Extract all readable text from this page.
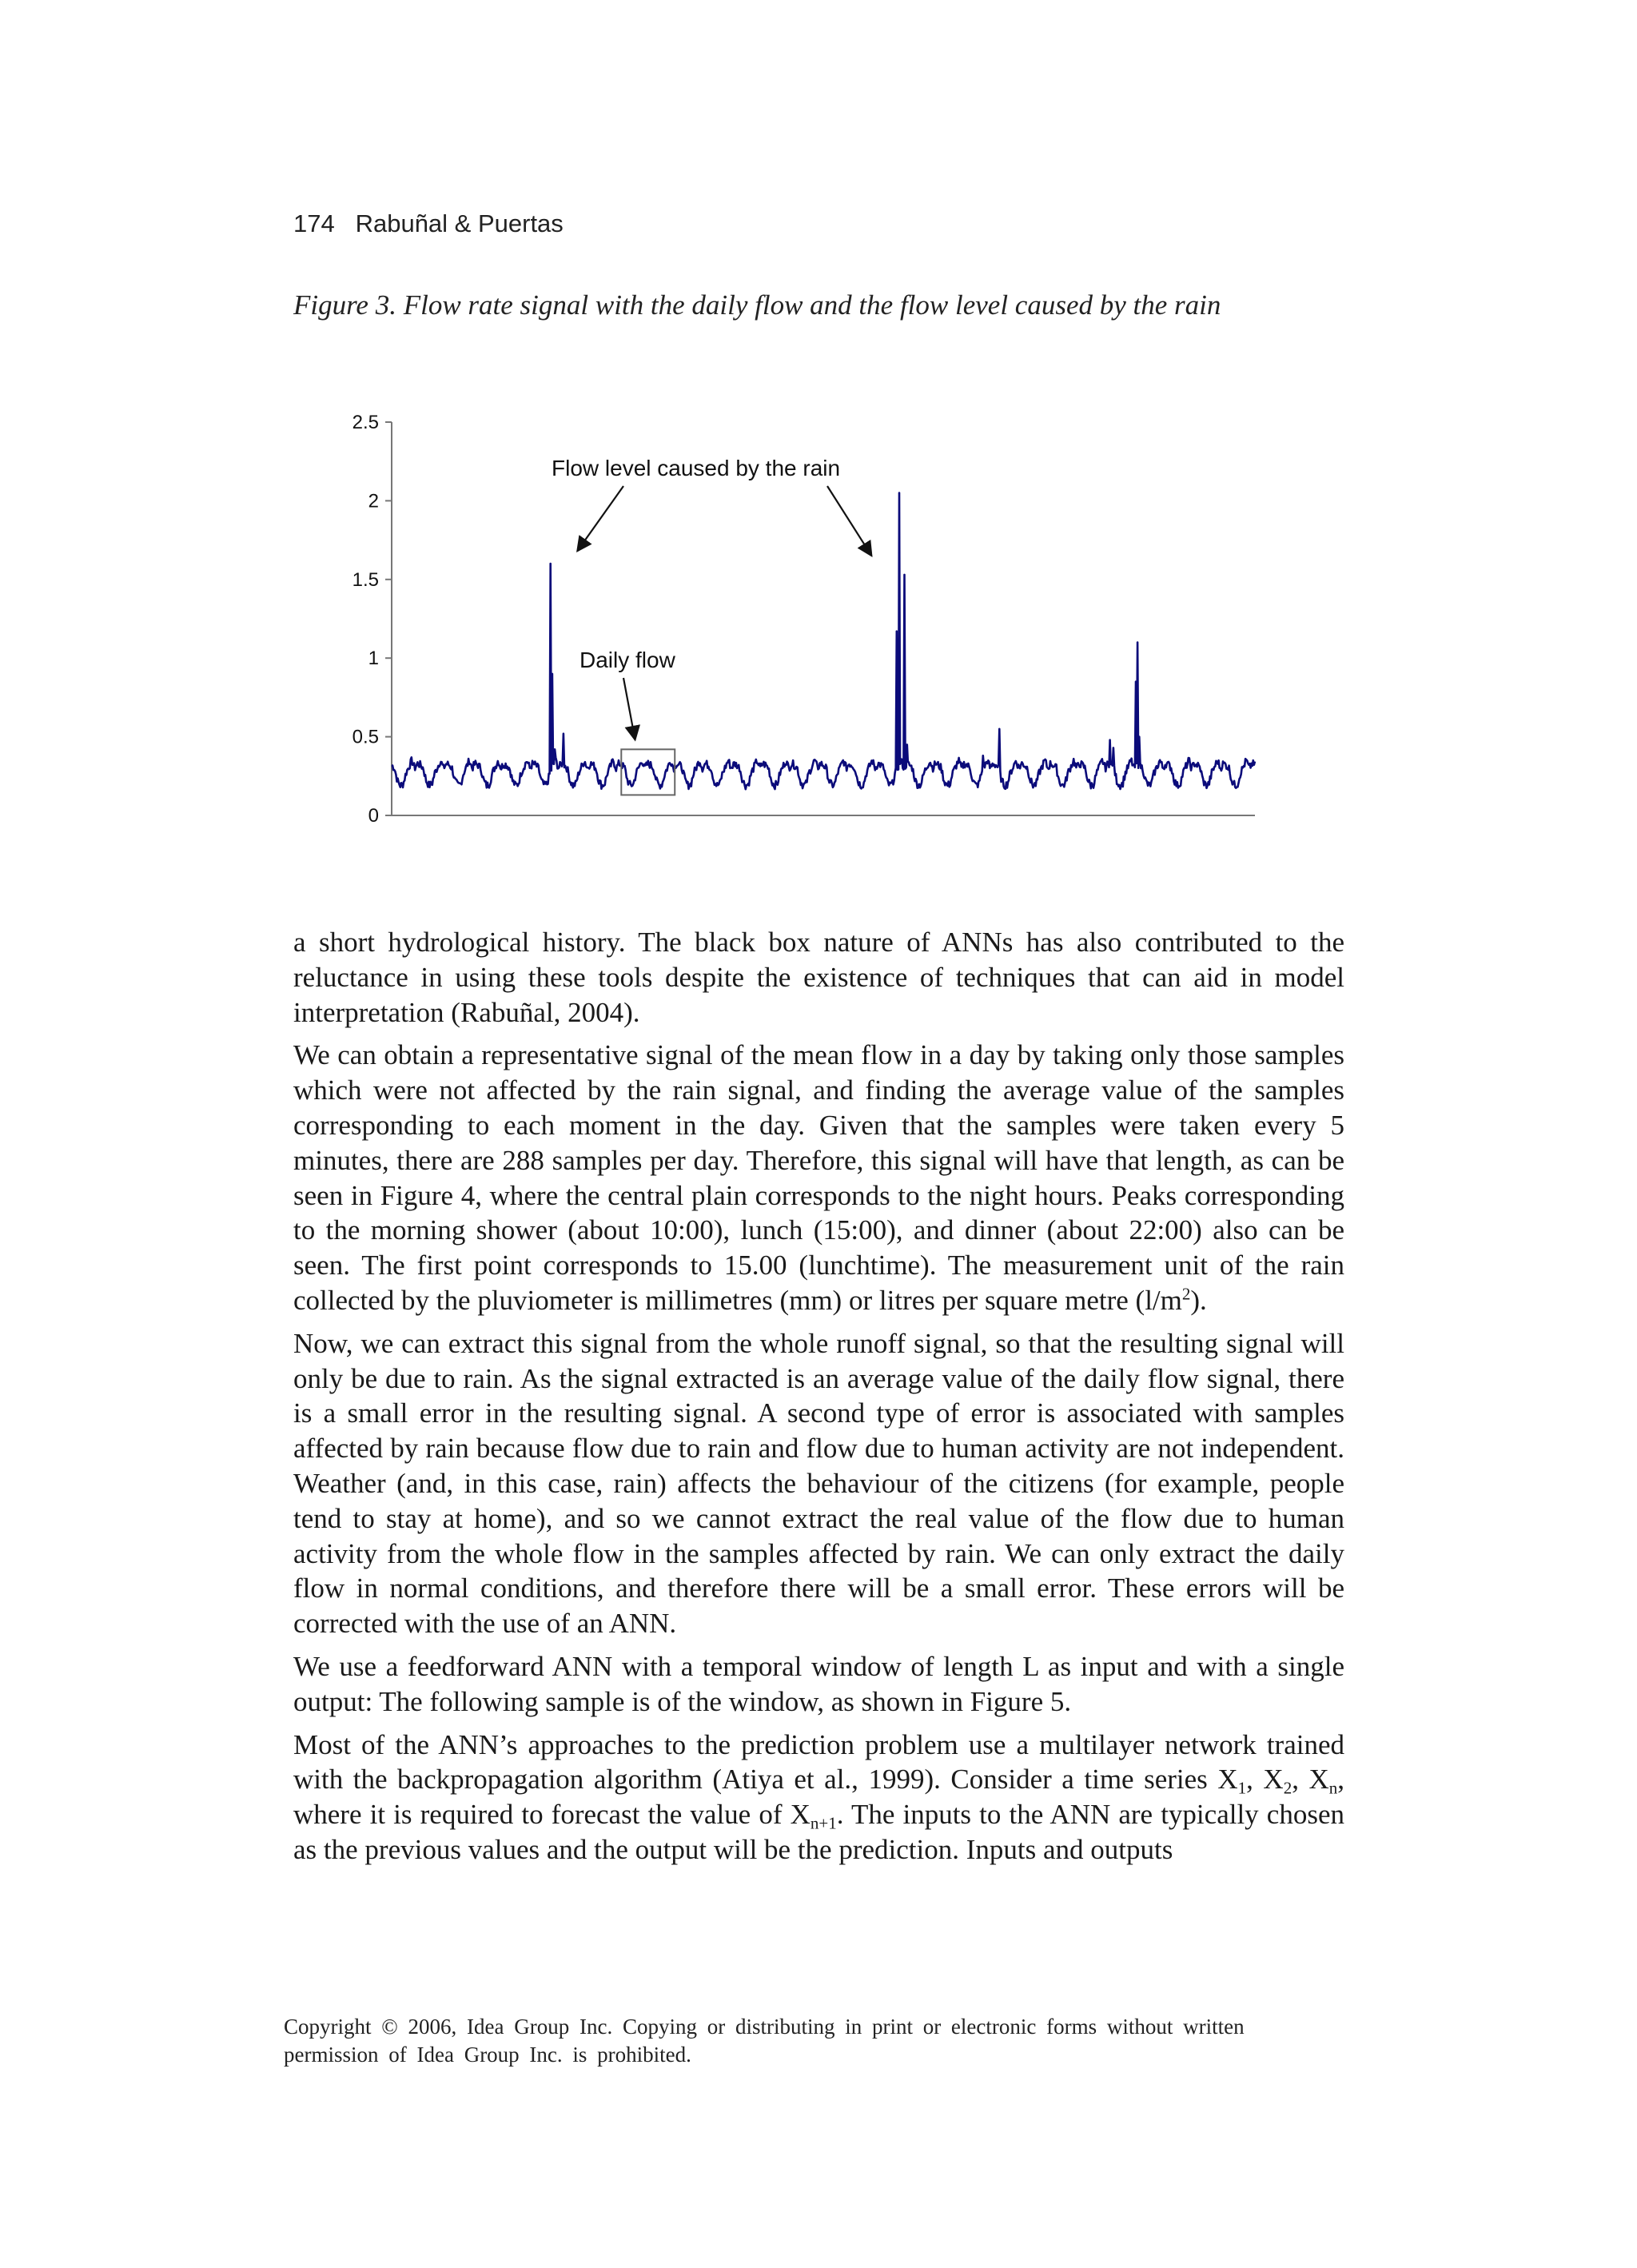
174 Rabuñal & Puertas
Figure 3. Flow rate signal with the daily flow and the flow level caused by the rain
0
0.5
1
1.5
2
2.5
Flow level caused by the rain
Daily flow

a short hydrological history. The black box nature of ANNs has also contributed to the reluctance in using these tools despite the existence of techniques that can aid in model interpretation (Rabuñal, 2004).

We can obtain a representative signal of the mean flow in a day by taking only those samples which were not affected by the rain signal, and finding the average value of the samples corresponding to each moment in the day. Given that the samples were taken every 5 minutes, there are 288 samples per day. Therefore, this signal will have that length, as can be seen in Figure 4, where the central plain corresponds to the night hours. Peaks corresponding to the morning shower (about 10:00), lunch (15:00), and dinner (about 22:00) also can be seen. The first point corresponds to 15.00 (lunchtime). The measurement unit of the rain collected by the pluviometer is millimetres (mm) or litres per square metre $(l/m^2)$.

Now, we can extract this signal from the whole runoff signal, so that the resulting signal will only be due to rain. As the signal extracted is an average value of the daily flow signal, there is a small error in the resulting signal. A second type of error is associated with samples affected by rain because flow due to rain and flow due to human activity are not independent. Weather (and, in this case, rain) affects the behaviour of the citizens (for example, people tend to stay at home), and so we cannot extract the real value of the flow due to human activity from the whole flow in the samples affected by rain. We can only extract the daily flow in normal conditions, and therefore there will be a small error. These errors will be corrected with the use of an ANN.

We use a feedforward ANN with a temporal window of length L as input and with a single output: The following sample is of the window, as shown in Figure 5.

Most of the ANN’s approaches to the prediction problem use a multilayer network trained with the backpropagation algorithm (Atiya et al., 1999). Consider a time series $X_1$, $X_2$, $X_n$, where it is required to forecast the value of $X_{n+1}$. The inputs to the ANN are typically chosen as the previous values and the output will be the prediction. Inputs and outputs

Copyright © 2006, Idea Group Inc. Copying or distributing in print or electronic forms without written permission of Idea Group Inc. is prohibited.
